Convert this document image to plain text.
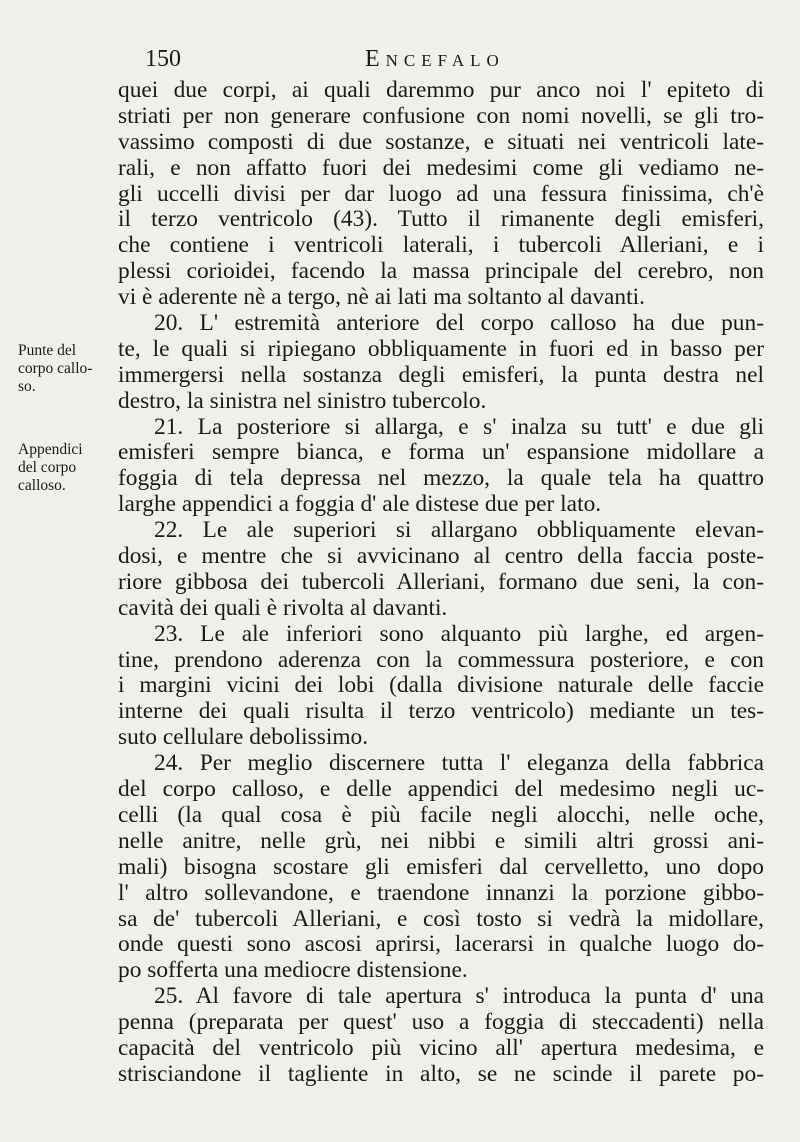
150	Encefalo
Punte del
corpo callo-
so.
Appendici
del corpo
calloso.
quei due corpi, ai quali daremmo pur anco noi l' epiteto di
striati per non generare confusione con nomi novelli, se gli tro-
vassimo composti di due sostanze, e situati nei ventricoli late-
rali, e non affatto fuori dei medesimi come gli vediamo ne-
gli uccelli divisi per dar luogo ad una fessura finissima, ch'è
il terzo ventricolo (43). Tutto il rimanente degli emisferi,
che contiene i ventricoli laterali, i tubercoli Alleriani, e i
plessi corioidei, facendo la massa principale del cerebro, non
vi è aderente nè a tergo, nè ai lati ma soltanto al davanti.
20. L' estremità anteriore del corpo calloso ha due pun-
te, le quali si ripiegano obbliquamente in fuori ed in basso per
immergersi nella sostanza degli emisferi, la punta destra nel
destro, la sinistra nel sinistro tubercolo.
21. La posteriore si allarga, e s' inalza su tutt' e due gli
emisferi sempre bianca, e forma un' espansione midollare a
foggia di tela depressa nel mezzo, la quale tela ha quattro
larghe appendici a foggia d' ale distese due per lato.
22. Le ale superiori si allargano obbliquamente elevan-
dosi, e mentre che si avvicinano al centro della faccia poste-
riore gibbosa dei tubercoli Alleriani, formano due seni, la con-
cavità dei quali è rivolta al davanti.
23. Le ale inferiori sono alquanto più larghe, ed argen-
tine, prendono aderenza con la commessura posteriore, e con
i margini vicini dei lobi (dalla divisione naturale delle faccie
interne dei quali risulta il terzo ventricolo) mediante un tes-
suto cellulare debolissimo.
24. Per meglio discernere tutta l' eleganza della fabbrica
del corpo calloso, e delle appendici del medesimo negli uc-
celli (la qual cosa è più facile negli alocchi, nelle oche,
nelle anitre, nelle grù, nei nibbi e simili altri grossi ani-
mali) bisogna scostare gli emisferi dal cervelletto, uno dopo
l' altro sollevandone, e traendone innanzi la porzione gibbo-
sa de' tubercoli Alleriani, e così tosto si vedrà la midollare,
onde questi sono ascosi aprirsi, lacerarsi in qualche luogo do-
po sofferta una mediocre distensione.
25. Al favore di tale apertura s' introduca la punta d' una
penna (preparata per quest' uso a foggia di steccadenti) nella
capacità del ventricolo più vicino all' apertura medesima, e
strisciandone il tagliente in alto, se ne scinde il parete po-
